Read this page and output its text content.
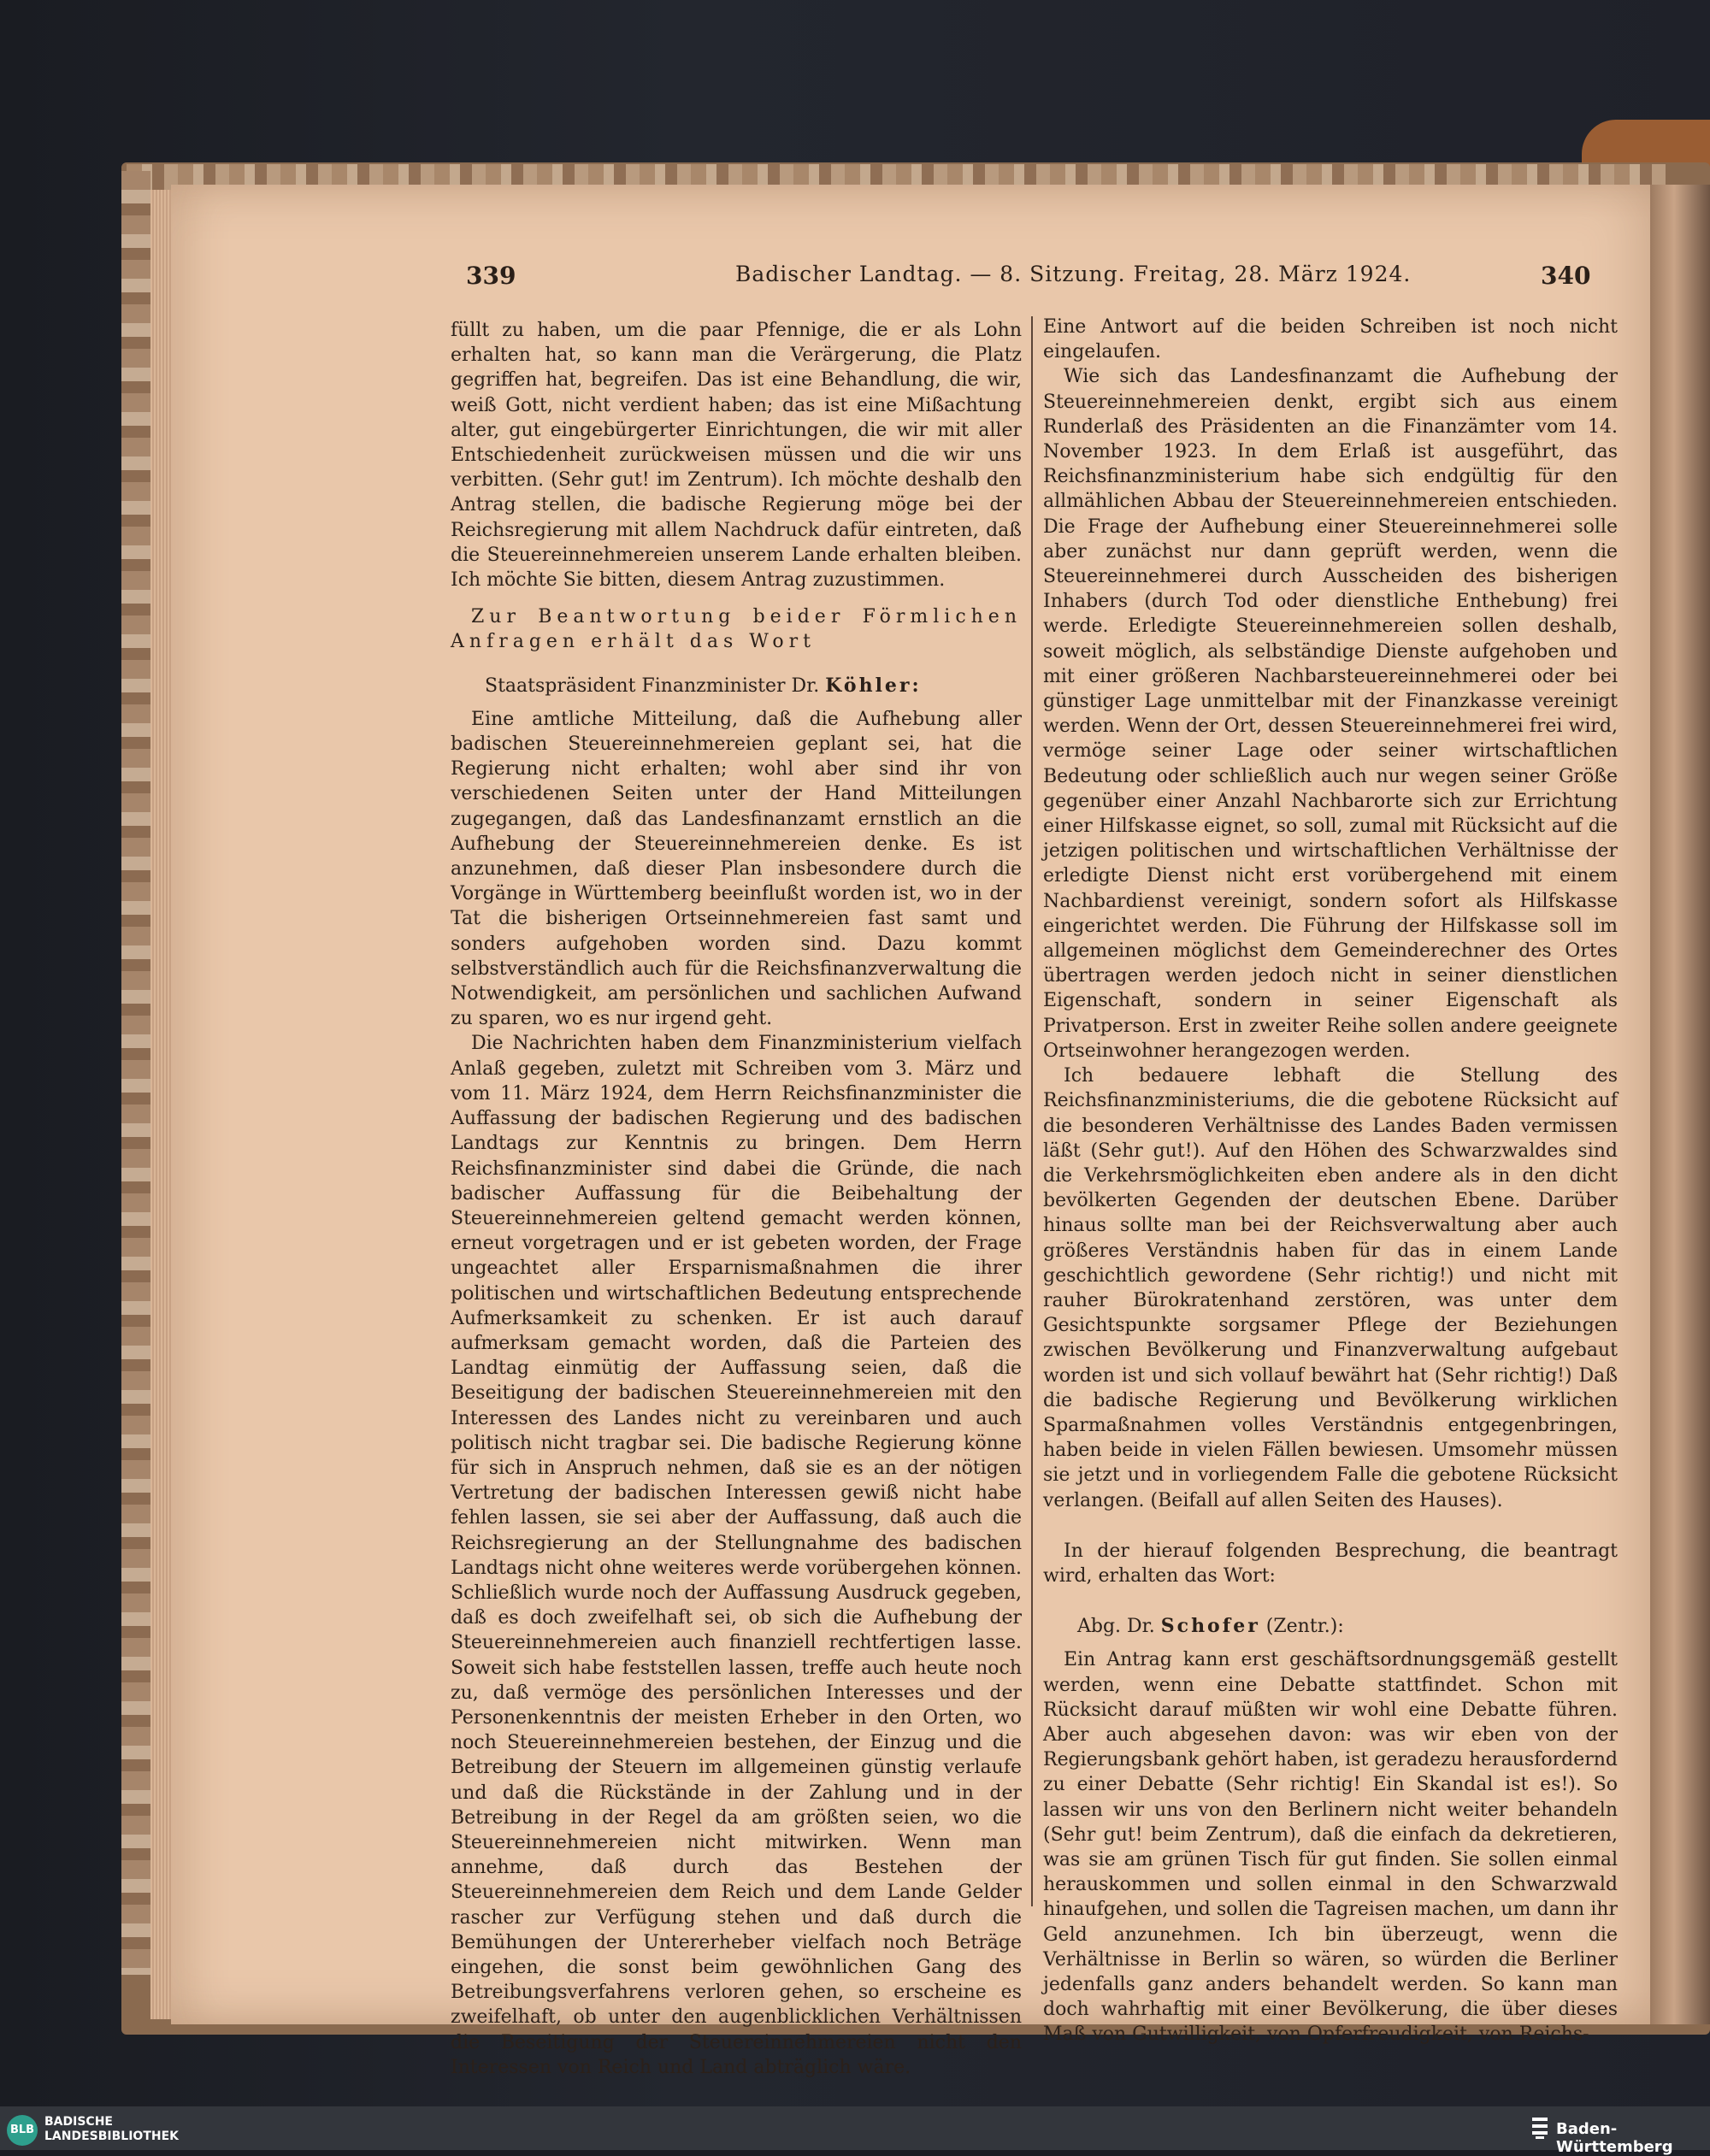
339	Badischer Landtag. — 8. Sitzung. Freitag, 28. März 1924.	340

füllt zu haben, um die paar Pfennige, die er als Lohn erhalten hat, so kann man die Verärgerung, die Platz gegriffen hat, begreifen. Das ist eine Behandlung, die wir, weiß Gott, nicht verdient haben; das ist eine Mißachtung alter, gut eingebürgerter Einrichtungen, die wir mit aller Entschiedenheit zurückweisen müssen und die wir uns verbitten. (Sehr gut! im Zentrum). Ich möchte deshalb den Antrag stellen, die badische Regierung möge bei der Reichsregierung mit allem Nachdruck dafür eintreten, daß die Steuereinnehmereien unserem Lande erhalten bleiben. Ich möchte Sie bitten, diesem Antrag zuzustimmen.

Zur Beantwortung beider Förmlichen Anfragen erhält das Wort

Staatspräsident Finanzminister Dr. Köhler:

Eine amtliche Mitteilung, daß die Aufhebung aller badischen Steuereinnehmereien geplant sei, hat die Regierung nicht erhalten; wohl aber sind ihr von verschiedenen Seiten unter der Hand Mitteilungen zugegangen, daß das Landesfinanzamt ernstlich an die Aufhebung der Steuereinnehmereien denke. Es ist anzunehmen, daß dieser Plan insbesondere durch die Vorgänge in Württemberg beeinflußt worden ist, wo in der Tat die bisherigen Ortseinnehmereien fast samt und sonders aufgehoben worden sind. Dazu kommt selbstverständlich auch für die Reichsfinanzverwaltung die Notwendigkeit, am persönlichen und sachlichen Aufwand zu sparen, wo es nur irgend geht.

Die Nachrichten haben dem Finanzministerium vielfach Anlaß gegeben, zuletzt mit Schreiben vom 3. März und vom 11. März 1924, dem Herrn Reichsfinanzminister die Auffassung der badischen Regierung und des badischen Landtags zur Kenntnis zu bringen. Dem Herrn Reichsfinanzminister sind dabei die Gründe, die nach badischer Auffassung für die Beibehaltung der Steuereinnehmereien geltend gemacht werden können, erneut vorgetragen und er ist gebeten worden, der Frage ungeachtet aller Ersparnismaßnahmen die ihrer politischen und wirtschaftlichen Bedeutung entsprechende Aufmerksamkeit zu schenken. Er ist auch darauf aufmerksam gemacht worden, daß die Parteien des Landtag einmütig der Auffassung seien, daß die Beseitigung der badischen Steuereinnehmereien mit den Interessen des Landes nicht zu vereinbaren und auch politisch nicht tragbar sei. Die badische Regierung könne für sich in Anspruch nehmen, daß sie es an der nötigen Vertretung der badischen Interessen gewiß nicht habe fehlen lassen, sie sei aber der Auffassung, daß auch die Reichsregierung an der Stellungnahme des badischen Landtags nicht ohne weiteres werde vorübergehen können. Schließlich wurde noch der Auffassung Ausdruck gegeben, daß es doch zweifelhaft sei, ob sich die Aufhebung der Steuereinnehmereien auch finanziell rechtfertigen lasse. Soweit sich habe feststellen lassen, treffe auch heute noch zu, daß vermöge des persönlichen Interesses und der Personenkenntnis der meisten Erheber in den Orten, wo noch Steuereinnehmereien bestehen, der Einzug und die Betreibung der Steuern im allgemeinen günstig verlaufe und daß die Rückstände in der Zahlung und in der Betreibung in der Regel da am größten seien, wo die Steuereinnehmereien nicht mitwirken. Wenn man annehme, daß durch das Bestehen der Steuereinnehmereien dem Reich und dem Lande Gelder rascher zur Verfügung stehen und daß durch die Bemühungen der Untererheber vielfach noch Beträge eingehen, die sonst beim gewöhnlichen Gang des Betreibungsverfahrens verloren gehen, so erscheine es zweifelhaft, ob unter den augenblicklichen Verhältnissen die Beseitigung der Steuereinnehmereien nicht den Interessen von Reich und Land abträglich wäre.

Eine Antwort auf die beiden Schreiben ist noch nicht eingelaufen.

Wie sich das Landesfinanzamt die Aufhebung der Steuereinnehmereien denkt, ergibt sich aus einem Runderlaß des Präsidenten an die Finanzämter vom 14. November 1923. In dem Erlaß ist ausgeführt, das Reichsfinanzministerium habe sich endgültig für den allmählichen Abbau der Steuereinnehmereien entschieden. Die Frage der Aufhebung einer Steuereinnehmerei solle aber zunächst nur dann geprüft werden, wenn die Steuereinnehmerei durch Ausscheiden des bisherigen Inhabers (durch Tod oder dienstliche Enthebung) frei werde. Erledigte Steuereinnehmereien sollen deshalb, soweit möglich, als selbständige Dienste aufgehoben und mit einer größeren Nachbarsteuereinnehmerei oder bei günstiger Lage unmittelbar mit der Finanzkasse vereinigt werden. Wenn der Ort, dessen Steuereinnehmerei frei wird, vermöge seiner Lage oder seiner wirtschaftlichen Bedeutung oder schließlich auch nur wegen seiner Größe gegenüber einer Anzahl Nachbarorte sich zur Errichtung einer Hilfskasse eignet, so soll, zumal mit Rücksicht auf die jetzigen politischen und wirtschaftlichen Verhältnisse der erledigte Dienst nicht erst vorübergehend mit einem Nachbardienst vereinigt, sondern sofort als Hilfskasse eingerichtet werden. Die Führung der Hilfskasse soll im allgemeinen möglichst dem Gemeinderechner des Ortes übertragen werden jedoch nicht in seiner dienstlichen Eigenschaft, sondern in seiner Eigenschaft als Privatperson. Erst in zweiter Reihe sollen andere geeignete Ortseinwohner herangezogen werden.

Ich bedauere lebhaft die Stellung des Reichsfinanzministeriums, die die gebotene Rücksicht auf die besonderen Verhältnisse des Landes Baden vermissen läßt (Sehr gut!). Auf den Höhen des Schwarzwaldes sind die Verkehrsmöglichkeiten eben andere als in den dicht bevölkerten Gegenden der deutschen Ebene. Darüber hinaus sollte man bei der Reichsverwaltung aber auch größeres Verständnis haben für das in einem Lande geschichtlich gewordene (Sehr richtig!) und nicht mit rauher Bürokratenhand zerstören, was unter dem Gesichtspunkte sorgsamer Pflege der Beziehungen zwischen Bevölkerung und Finanzverwaltung aufgebaut worden ist und sich vollauf bewährt hat (Sehr richtig!) Daß die badische Regierung und Bevölkerung wirklichen Sparmaßnahmen volles Verständnis entgegenbringen, haben beide in vielen Fällen bewiesen. Umsomehr müssen sie jetzt und in vorliegendem Falle die gebotene Rücksicht verlangen. (Beifall auf allen Seiten des Hauses).

In der hierauf folgenden Besprechung, die beantragt wird, erhalten das Wort:

Abg. Dr. Schofer (Zentr.):

Ein Antrag kann erst geschäftsordnungsgemäß gestellt werden, wenn eine Debatte stattfindet. Schon mit Rücksicht darauf müßten wir wohl eine Debatte führen. Aber auch abgesehen davon: was wir eben von der Regierungsbank gehört haben, ist geradezu herausfordernd zu einer Debatte (Sehr richtig! Ein Skandal ist es!). So lassen wir uns von den Berlinern nicht weiter behandeln (Sehr gut! beim Zentrum), daß die einfach da dekretieren, was sie am grünen Tisch für gut finden. Sie sollen einmal herauskommen und sollen einmal in den Schwarzwald hinaufgehen, und sollen die Tagreisen machen, um dann ihr Geld anzunehmen. Ich bin überzeugt, wenn die Verhältnisse in Berlin so wären, so würden die Berliner jedenfalls ganz anders behandelt werden. So kann man doch wahrhaftig mit einer Bevölkerung, die über dieses Maß von Gutwilligkeit, von Opferfreudigkeit, von Reichs-

BLB
BADISCHE
LANDESBIBLIOTHEK	Baden-Württemberg
